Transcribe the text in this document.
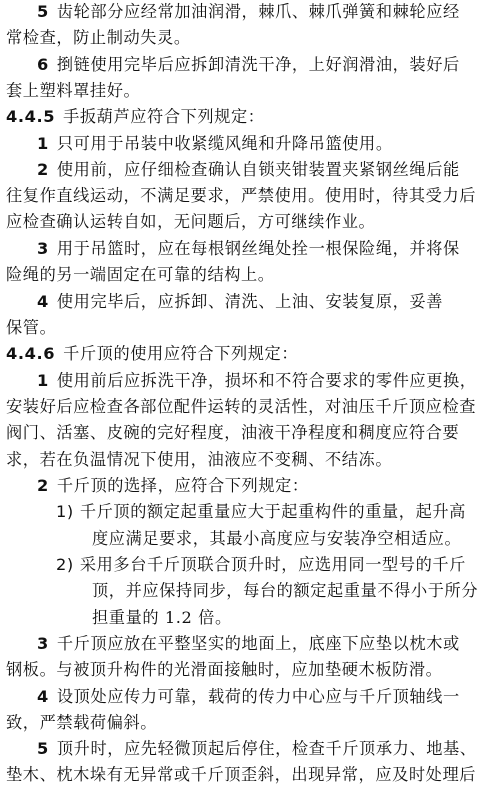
5 齿轮部分应经常加油润滑，棘爪、棘爪弹簧和棘轮应经
常检查，防止制动失灵。
6 捯链使用完毕后应拆卸清洗干净，上好润滑油，装好后
套上塑料罩挂好。
4.4.5 手扳葫芦应符合下列规定：
1 只可用于吊装中收紧缆风绳和升降吊篮使用。
2 使用前，应仔细检查确认自锁夹钳装置夹紧钢丝绳后能
往复作直线运动，不满足要求，严禁使用。使用时，待其受力后
应检查确认运转自如，无问题后，方可继续作业。
3 用于吊篮时，应在每根钢丝绳处拴一根保险绳，并将保
险绳的另一端固定在可靠的结构上。
4 使用完毕后，应拆卸、清洗、上油、安装复原，妥善
保管。
4.4.6 千斤顶的使用应符合下列规定：
1 使用前后应拆洗干净，损坏和不符合要求的零件应更换，
安装好后应检查各部位配件运转的灵活性，对油压千斤顶应检查
阀门、活塞、皮碗的完好程度，油液干净程度和稠度应符合要
求，若在负温情况下使用，油液应不变稠、不结冻。
2 千斤顶的选择，应符合下列规定：
1) 千斤顶的额定起重量应大于起重构件的重量，起升高
度应满足要求，其最小高度应与安装净空相适应。
2) 采用多台千斤顶联合顶升时，应选用同一型号的千斤
顶，并应保持同步，每台的额定起重量不得小于所分
担重量的 1.2 倍。
3 千斤顶应放在平整坚实的地面上，底座下应垫以枕木或
钢板。与被顶升构件的光滑面接触时，应加垫硬木板防滑。
4 设顶处应传力可靠，载荷的传力中心应与千斤顶轴线一
致，严禁载荷偏斜。
5 顶升时，应先轻微顶起后停住，检查千斤顶承力、地基、
垫木、枕木垛有无异常或千斤顶歪斜，出现异常，应及时处理后
